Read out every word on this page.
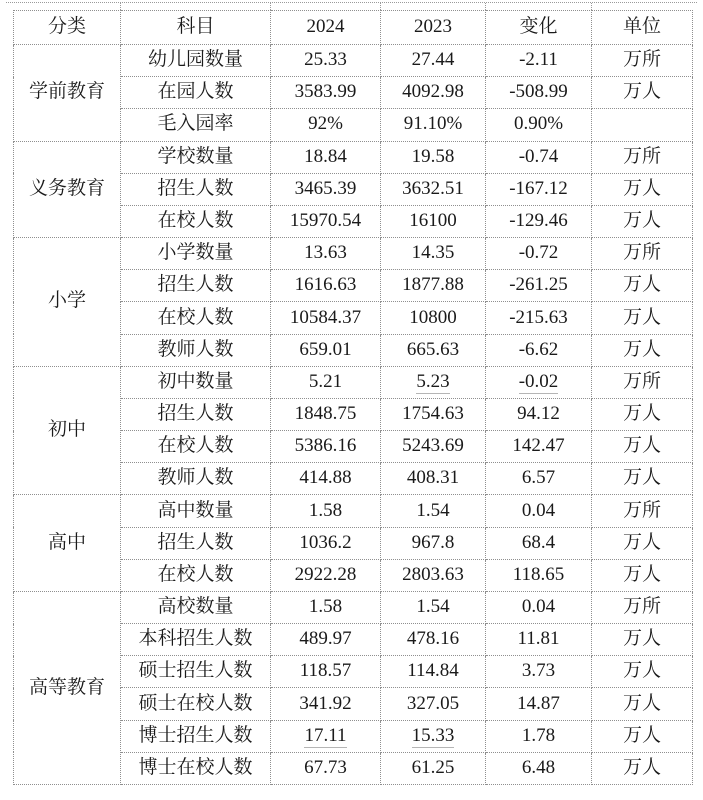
分类	科目	2024	2023	变化	单位
学前教育	幼儿园数量	25.33	27.44	-2.11	万所
	在园人数	3583.99	4092.98	-508.99	万人
	毛入园率	92%	91.10%	0.90%	
义务教育	学校数量	18.84	19.58	-0.74	万所
	招生人数	3465.39	3632.51	-167.12	万人
	在校人数	15970.54	16100	-129.46	万人
小学	小学数量	13.63	14.35	-0.72	万所
	招生人数	1616.63	1877.88	-261.25	万人
	在校人数	10584.37	10800	-215.63	万人
	教师人数	659.01	665.63	-6.62	万人
初中	初中数量	5.21	5.23	-0.02	万所
	招生人数	1848.75	1754.63	94.12	万人
	在校人数	5386.16	5243.69	142.47	万人
	教师人数	414.88	408.31	6.57	万人
高中	高中数量	1.58	1.54	0.04	万所
	招生人数	1036.2	967.8	68.4	万人
	在校人数	2922.28	2803.63	118.65	万人
高等教育	高校数量	1.58	1.54	0.04	万所
	本科招生人数	489.97	478.16	11.81	万人
	硕士招生人数	118.57	114.84	3.73	万人
	硕士在校人数	341.92	327.05	14.87	万人
	博士招生人数	17.11	15.33	1.78	万人
	博士在校人数	67.73	61.25	6.48	万人
